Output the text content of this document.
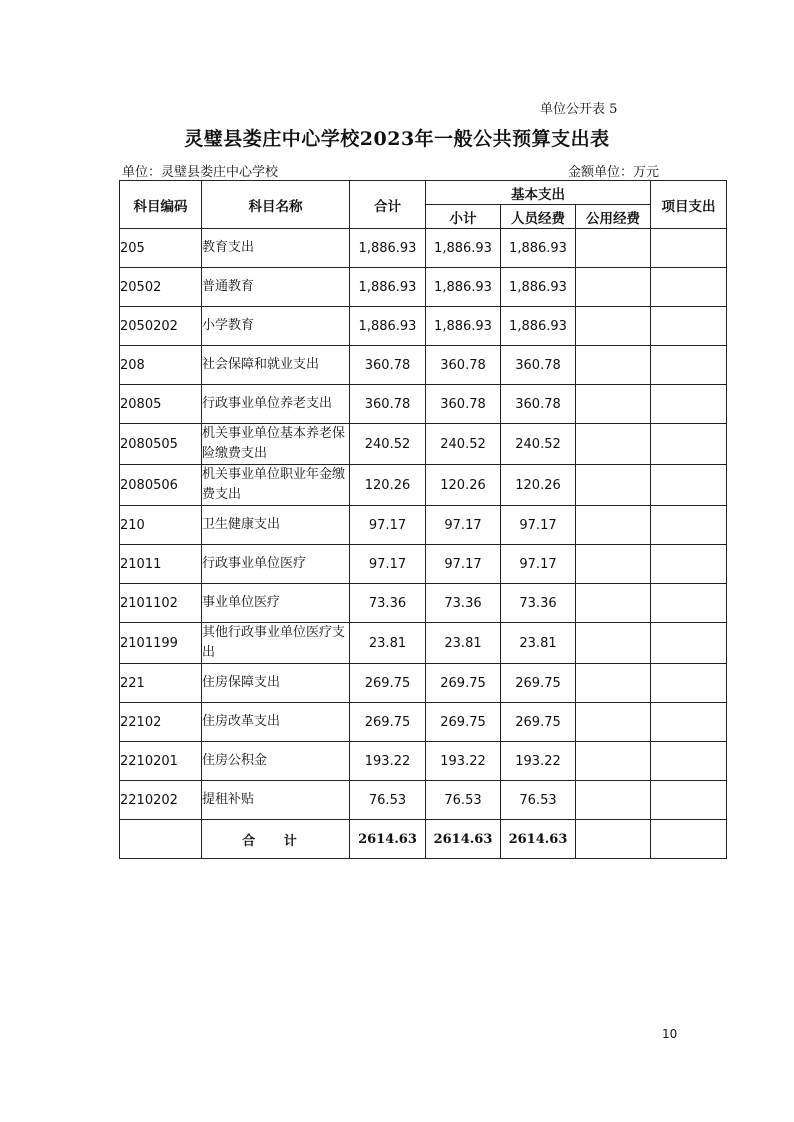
单位公开表 5
灵璧县娄庄中心学校2023年一般公共预算支出表
单位：灵璧县娄庄中心学校	金额单位：万元
科目编码	科目名称	合计	基本支出			项目支出
			小计	人员经费	公用经费	
205	教育支出	1,886.93	1,886.93	1,886.93		
20502	普通教育	1,886.93	1,886.93	1,886.93		
2050202	小学教育	1,886.93	1,886.93	1,886.93		
208	社会保障和就业支出	360.78	360.78	360.78		
20805	行政事业单位养老支出	360.78	360.78	360.78		
2080505	机关事业单位基本养老保险缴费支出	240.52	240.52	240.52		
2080506	机关事业单位职业年金缴费支出	120.26	120.26	120.26		
210	卫生健康支出	97.17	97.17	97.17		
21011	行政事业单位医疗	97.17	97.17	97.17		
2101102	事业单位医疗	73.36	73.36	73.36		
2101199	其他行政事业单位医疗支出	23.81	23.81	23.81		
221	住房保障支出	269.75	269.75	269.75		
22102	住房改革支出	269.75	269.75	269.75		
2210201	住房公积金	193.22	193.22	193.22		
2210202	提租补贴	76.53	76.53	76.53		
	合 计	2614.63	2614.63	2614.63		
10
